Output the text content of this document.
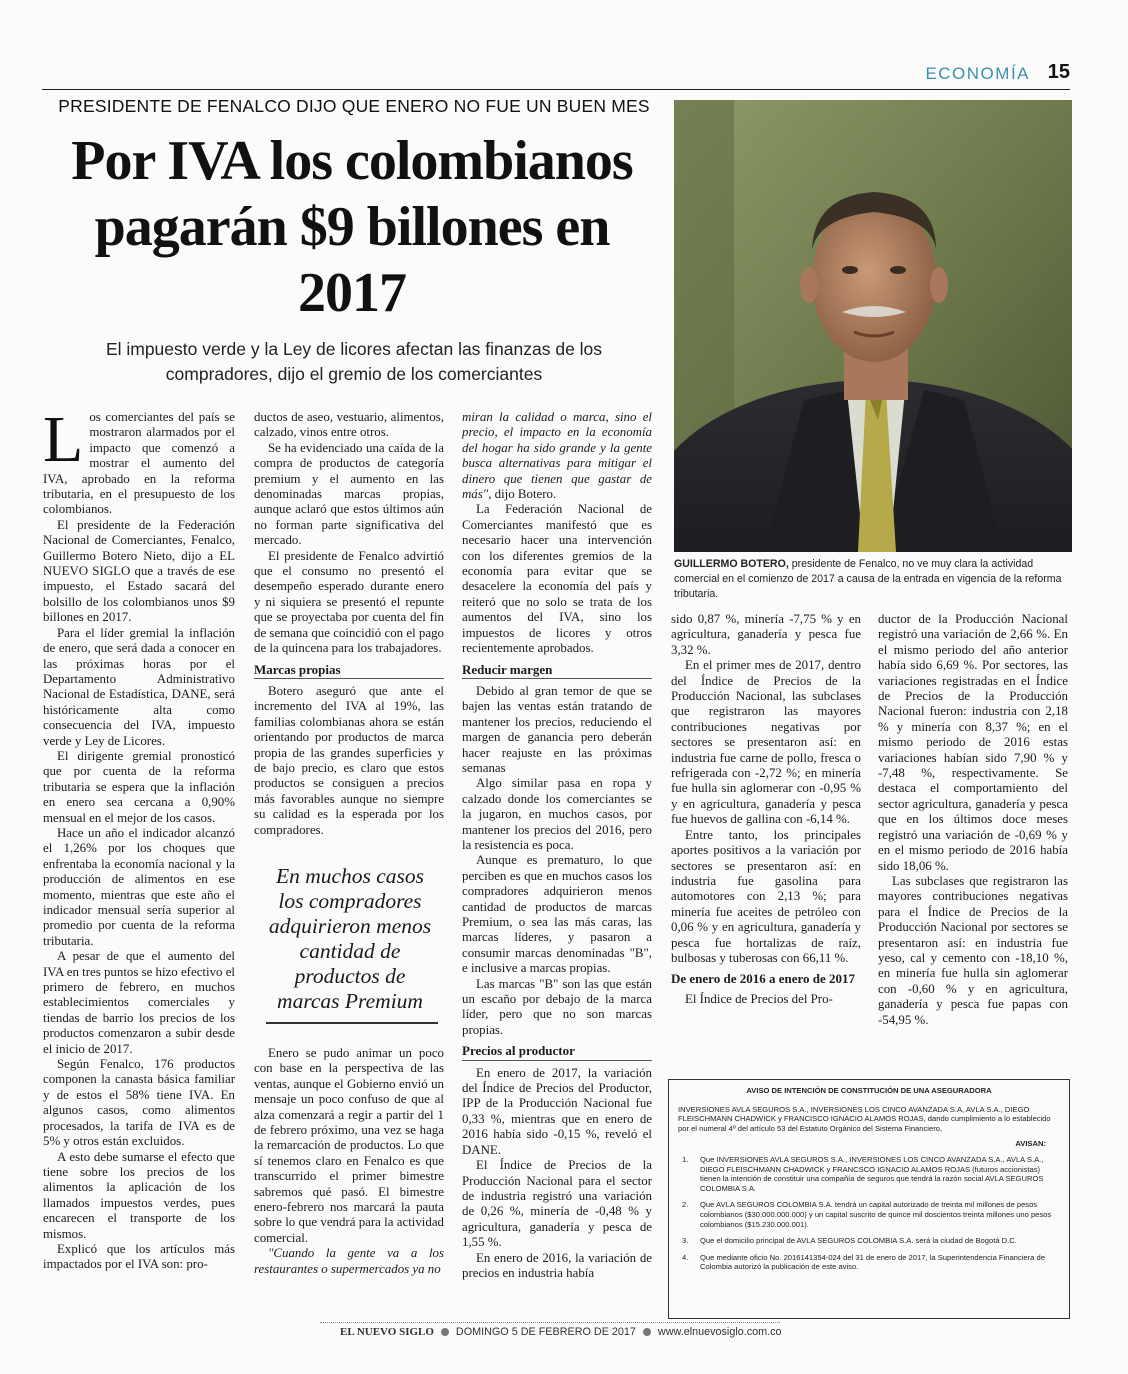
ECONOMÍA 15
PRESIDENTE DE FENALCO DIJO QUE ENERO NO FUE UN BUEN MES
Por IVA los colombianos pagarán $9 billones en 2017
El impuesto verde y la Ley de licores afectan las finanzas de los compradores, dijo el gremio de los comerciantes
GUILLERMO BOTERO, presidente de Fenalco, no ve muy clara la actividad comercial en el comienzo de 2017 a causa de la entrada en vigencia de la reforma tributaria.

Los comerciantes del país se mostraron alarmados por el impacto que comenzó a mostrar el aumento del IVA, aprobado en la reforma tributaria, en el presupuesto de los colombianos.

El presidente de la Federación Nacional de Comerciantes, Fenalco, Guillermo Botero Nieto, dijo a EL NUEVO SIGLO que a través de ese impuesto, el Estado sacará del bolsillo de los colombianos unos $9 billones en 2017.

Para el líder gremial la inflación de enero, que será dada a conocer en las próximas horas por el Departamento Administrativo Nacional de Estadística, DANE, será históricamente alta como consecuencia del IVA, impuesto verde y Ley de Licores.

El dirigente gremial pronosticó que por cuenta de la reforma tributaria se espera que la inflación en enero sea cercana a 0,90% mensual en el mejor de los casos.

Hace un año el indicador alcanzó el 1,26% por los choques que enfrentaba la economía nacional y la producción de alimentos en ese momento, mientras que este año el indicador mensual sería superior al promedio por cuenta de la reforma tributaria.

A pesar de que el aumento del IVA en tres puntos se hizo efectivo el primero de febrero, en muchos establecimientos comerciales y tiendas de barrio los precios de los productos comenzaron a subir desde el inicio de 2017.

Según Fenalco, 176 productos componen la canasta básica familiar y de estos el 58% tiene IVA. En algunos casos, como alimentos procesados, la tarifa de IVA es de 5% y otros están excluidos.

A esto debe sumarse el efecto que tiene sobre los precios de los alimentos la aplicación de los llamados impuestos verdes, pues encarecen el transporte de los mismos.

Explicó que los artículos más impactados por el IVA son: pro-

ductos de aseo, vestuario, alimentos, calzado, vinos entre otros.

Se ha evidenciado una caída de la compra de productos de categoría premium y el aumento en las denominadas marcas propias, aunque aclaró que estos últimos aún no forman parte significativa del mercado.

El presidente de Fenalco advirtió que el consumo no presentó el desempeño esperado durante enero y ni siquiera se presentó el repunte que se proyectaba por cuenta del fin de semana que coincidió con el pago de la quincena para los trabajadores.

Marcas propias

Botero aseguró que ante el incremento del IVA al 19%, las familias colombianas ahora se están orientando por productos de marca propia de las grandes superficies y de bajo precio, es claro que estos productos se consiguen a precios más favorables aunque no siempre su calidad es la esperada por los compradores.

En muchos casos los compradores adquirieron menos cantidad de productos de marcas Premium

Enero se pudo animar un poco con base en la perspectiva de las ventas, aunque el Gobierno envió un mensaje un poco confuso de que al alza comenzará a regir a partir del 1 de febrero próximo, una vez se haga la remarcación de productos. Lo que sí tenemos claro en Fenalco es que transcurrido el primer bimestre sabremos qué pasó. El bimestre enero-febrero nos marcará la pauta sobre lo que vendrá para la actividad comercial.

"Cuando la gente va a los restaurantes o supermercados ya no

miran la calidad o marca, sino el precio, el impacto en la economía del hogar ha sido grande y la gente busca alternativas para mitigar el dinero que tienen que gastar de más", dijo Botero.

La Federación Nacional de Comerciantes manifestó que es necesario hacer una intervención con los diferentes gremios de la economía para evitar que se desacelere la economía del país y reiteró que no solo se trata de los aumentos del IVA, sino los impuestos de licores y otros recientemente aprobados.

Reducir margen

Debido al gran temor de que se bajen las ventas están tratando de mantener los precios, reduciendo el margen de ganancia pero deberán hacer reajuste en las próximas semanas

Algo similar pasa en ropa y calzado donde los comerciantes se la jugaron, en muchos casos, por mantener los precios del 2016, pero la resistencia es poca.

Aunque es prematuro, lo que perciben es que en muchos casos los compradores adquirieron menos cantidad de productos de marcas Premium, o sea las más caras, las marcas líderes, y pasaron a consumir marcas denominadas "B", e inclusive a marcas propias.

Las marcas "B" son las que están un escaño por debajo de la marca líder, pero que no son marcas propias.

Precios al productor

En enero de 2017, la variación del Índice de Precios del Productor, IPP de la Producción Nacional fue 0,33 %, mientras que en enero de 2016 había sido -0,15 %, reveló el DANE.

El Índice de Precios de la Producción Nacional para el sector de industria registró una variación de 0,26 %, minería de -0,48 % y agricultura, ganadería y pesca de 1,55 %.

En enero de 2016, la variación de precios en industria había

sido 0,87 %, minería -7,75 % y en agricultura, ganadería y pesca fue 3,32 %.

En el primer mes de 2017, dentro del Índice de Precios de la Producción Nacional, las subclases que registraron las mayores contribuciones negativas por sectores se presentaron así: en industria fue carne de pollo, fresca o refrigerada con -2,72 %; en minería fue hulla sin aglomerar con -0,95 % y en agricultura, ganadería y pesca fue huevos de gallina con -6,14 %.

Entre tanto, los principales aportes positivos a la variación por sectores se presentaron así: en industria fue gasolina para automotores con 2,13 %; para minería fue aceites de petróleo con 0,06 % y en agricultura, ganadería y pesca fue hortalizas de raíz, bulbosas y tuberosas con 66,11 %.

De enero de 2016 a enero de 2017

El Índice de Precios del Pro-

ductor de la Producción Nacional registró una variación de 2,66 %. En el mismo periodo del año anterior había sido 6,69 %. Por sectores, las variaciones registradas en el Índice de Precios de la Producción Nacional fueron: industria con 2,18 % y minería con 8,37 %; en el mismo periodo de 2016 estas variaciones habían sido 7,90 % y -7,48 %, respectivamente. Se destaca el comportamiento del sector agricultura, ganadería y pesca que en los últimos doce meses registró una variación de -0,69 % y en el mismo periodo de 2016 había sido 18,06 %.

Las subclases que registraron las mayores contribuciones negativas para el Índice de Precios de la Producción Nacional por sectores se presentaron así: en industria fue yeso, cal y cemento con -18,10 %, en minería fue hulla sin aglomerar con -0,60 % y en agricultura, ganadería y pesca fue papas con -54,95 %.

AVISO DE INTENCIÓN DE CONSTITUCIÓN DE UNA ASEGURADORA
INVERSIONES AVLA SEGUROS S.A., INVERSIONES LOS CINCO AVANZADA S.A, AVLA S.A., DIEGO FLEISCHMANN CHADWICK y FRANCISCO IGNACIO ALAMOS ROJAS, dando cumplimiento a lo establecido por el numeral 4º del artículo 53 del Estatuto Orgánico del Sistema Financiero,
AVISAN:
1.	Que INVERSIONES AVLA SEGUROS S.A., INVERSIONES LOS CINCO AVANZADA S.A., AVLA S.A., DIEGO FLEISCHMANN CHADWICK y FRANCSCO IGNACIO ALAMOS ROJAS (futuros accionistas) tienen la intención de constituir una compañía de seguros que tendrá la razón social AVLA SEGUROS COLOMBIA S.A.
2.	Que AVLA SEGUROS COLOMBIA S.A. tendrá un capital autorizado de treinta mil millones de pesos colombianos ($30.000.000.000) y un capital suscrito de quince mil doscientos treinta millones uno pesos colombianos ($15.230.000.001).
3.	Que el domicilio principal de AVLA SEGUROS COLOMBIA S.A. será la ciudad de Bogotá D.C.
4.	Que mediante oficio No. 2016141354-024 del 31 de enero de 2017, la Superintendencia Financiera de Colombia autorizó la publicación de este aviso.
EL NUEVO SIGLO DOMINGO 5 DE FEBRERO DE 2017 www.elnuevosiglo.com.co
